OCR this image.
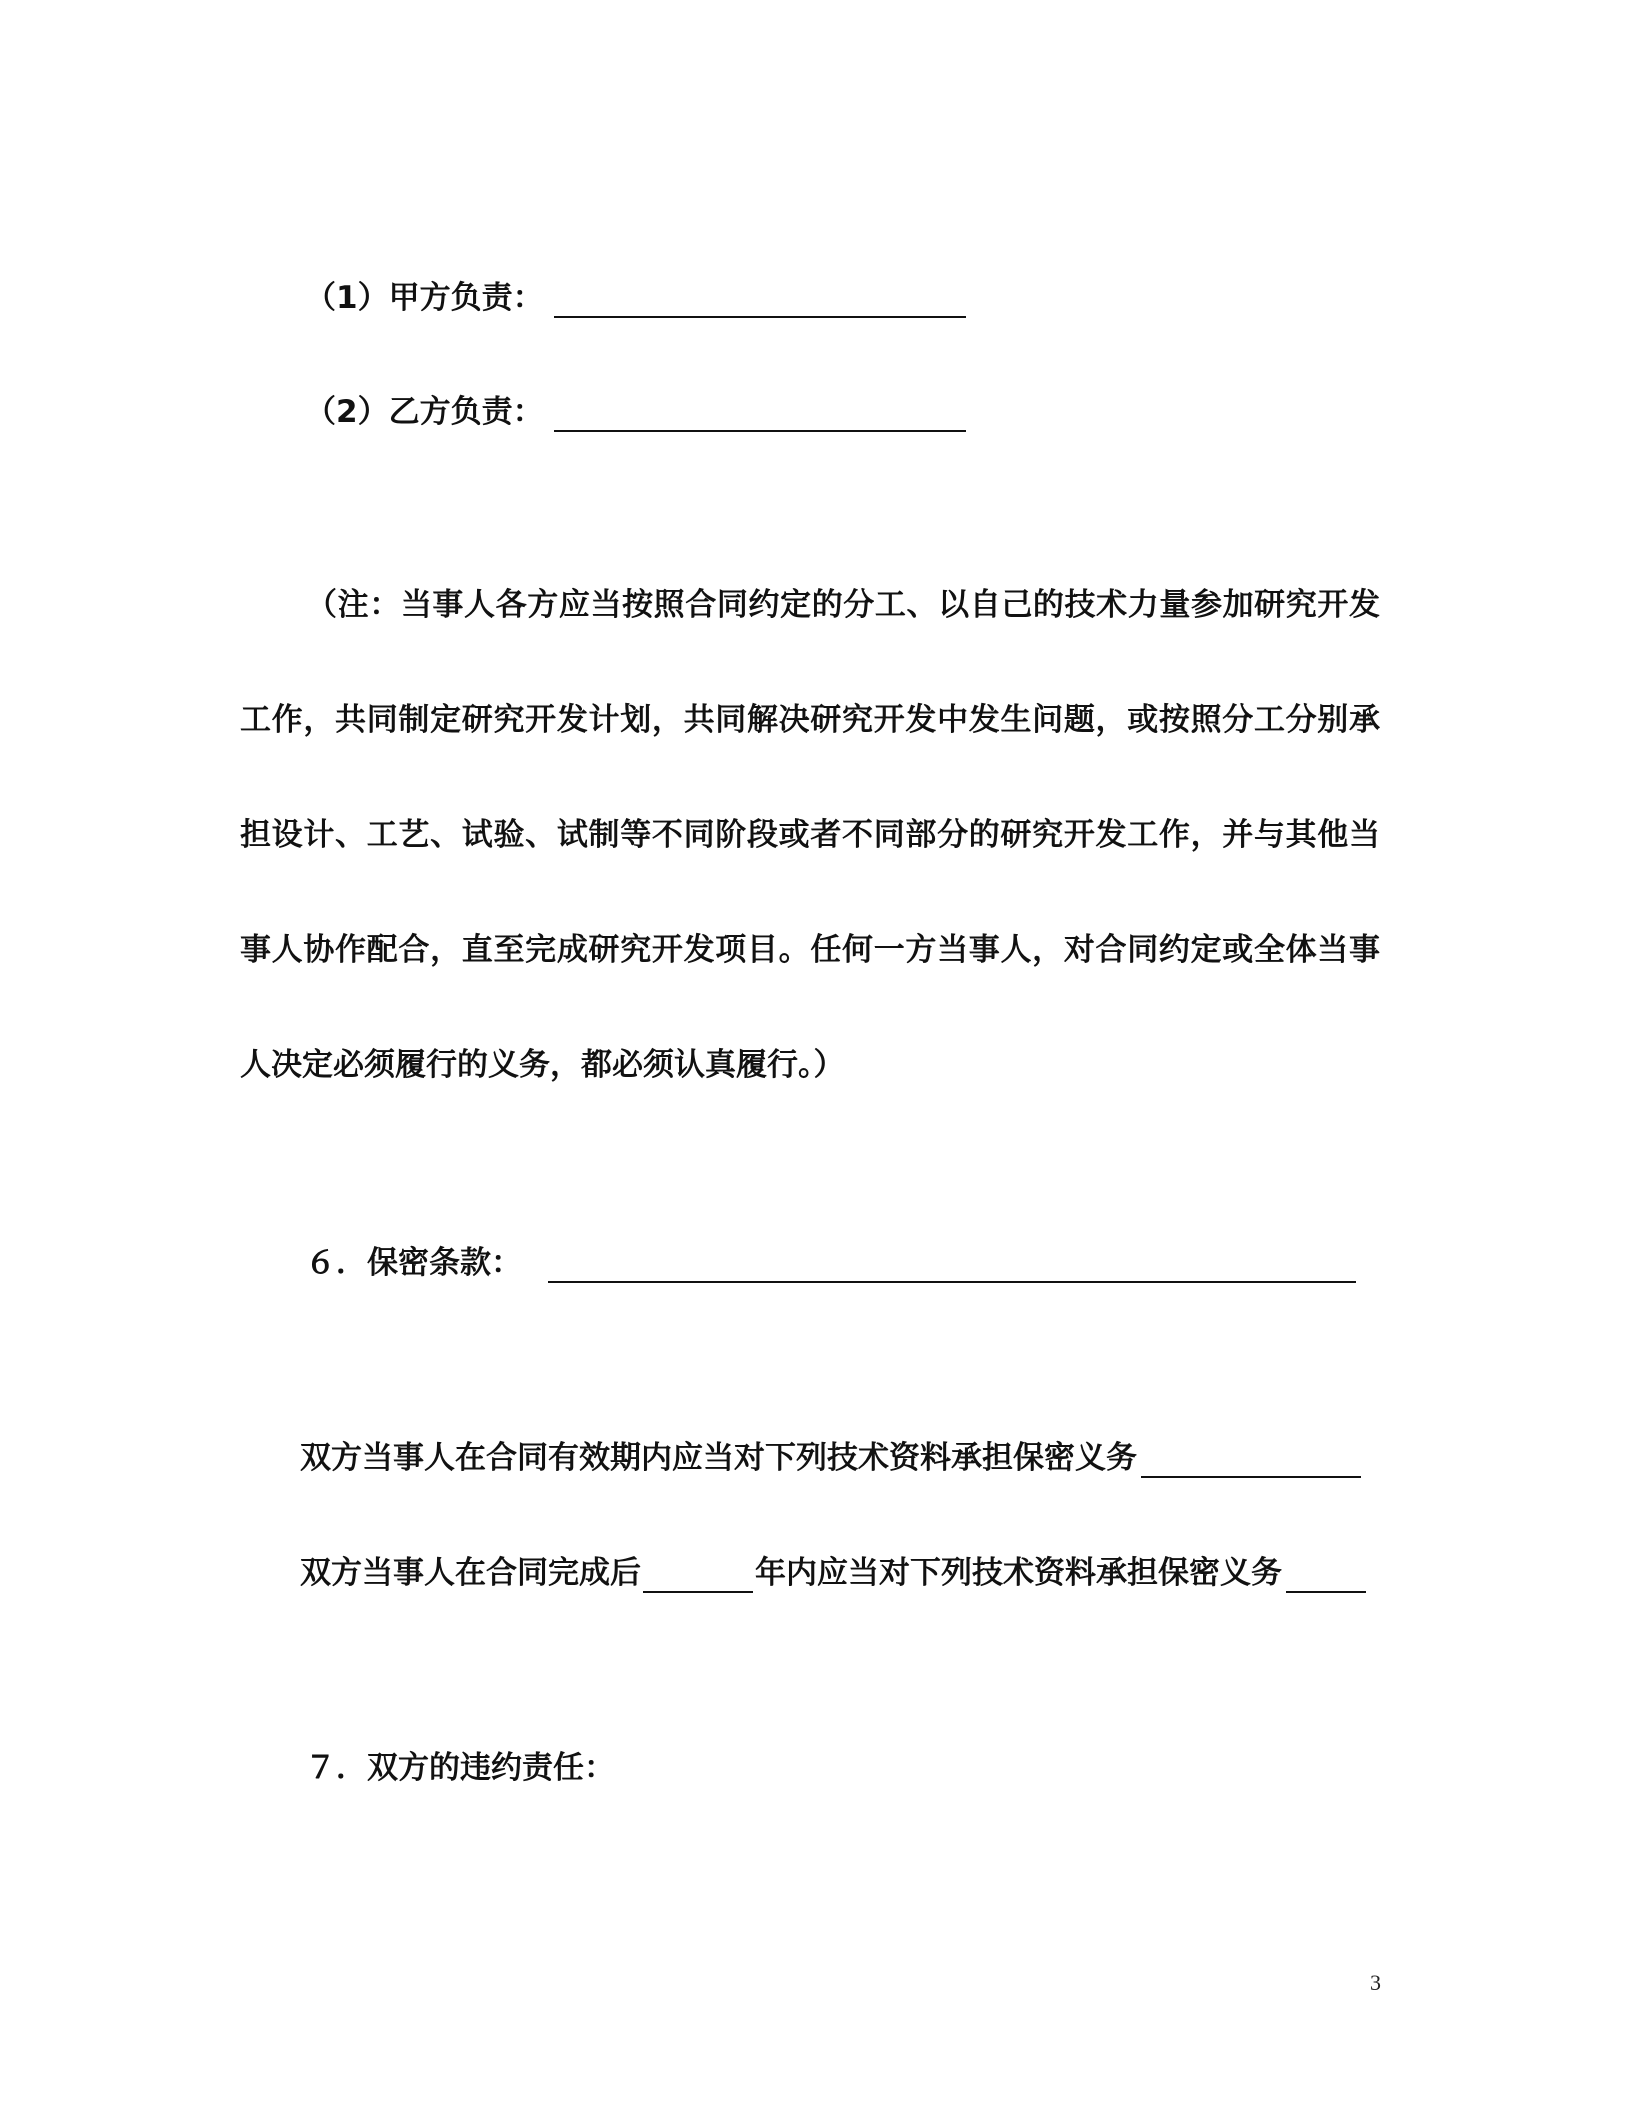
（1）甲方负责：
（2）乙方负责：
（注：当事人各方应当按照合同约定的分工、以自己的技术力量参加研究开发工作，共同制定研究开发计划，共同解决研究开发中发生问题，或按照分工分别承担设计、工艺、试验、试制等不同阶段或者不同部分的研究开发工作，并与其他当事人协作配合，直至完成研究开发项目。任何一方当事人，对合同约定或全体当事人决定必须履行的义务，都必须认真履行。）
６．保密条款：
双方当事人在合同有效期内应当对下列技术资料承担保密义务
双方当事人在合同完成后	年内应当对下列技术资料承担保密义务
７．双方的违约责任：
3
